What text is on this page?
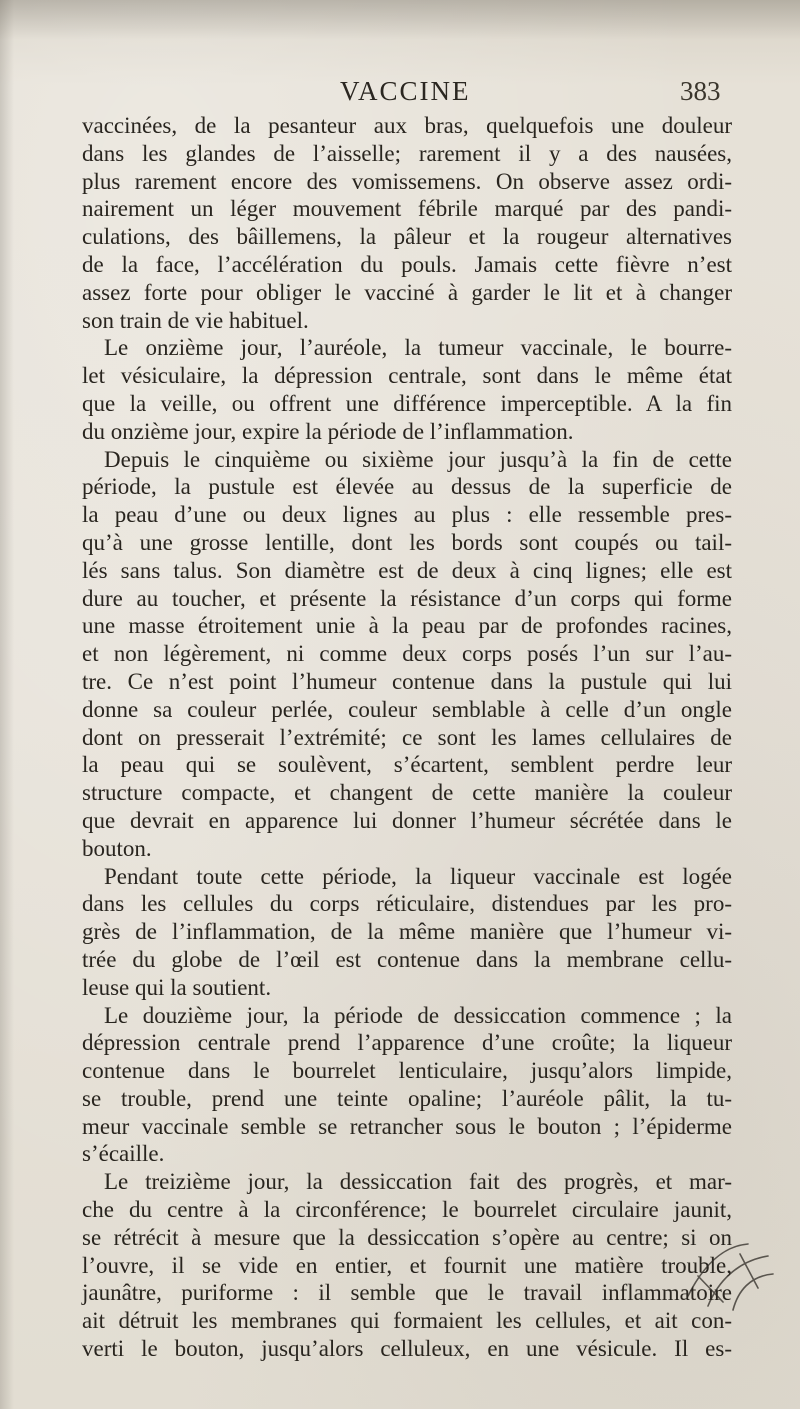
VACCINE	383
vaccinées, de la pesanteur aux bras, quelquefois une douleur
dans les glandes de l’aisselle; rarement il y a des nausées,
plus rarement encore des vomissemens. On observe assez ordi-
nairement un léger mouvement fébrile marqué par des pandi-
culations, des bâillemens, la pâleur et la rougeur alternatives
de la face, l’accélération du pouls. Jamais cette fièvre n’est
assez forte pour obliger le vacciné à garder le lit et à changer
son train de vie habituel.
Le onzième jour, l’auréole, la tumeur vaccinale, le bourre-
let vésiculaire, la dépression centrale, sont dans le même état
que la veille, ou offrent une différence imperceptible. A la fin
du onzième jour, expire la période de l’inflammation.
Depuis le cinquième ou sixième jour jusqu’à la fin de cette
période, la pustule est élevée au dessus de la superficie de
la peau d’une ou deux lignes au plus : elle ressemble pres-
qu’à une grosse lentille, dont les bords sont coupés ou tail-
lés sans talus. Son diamètre est de deux à cinq lignes; elle est
dure au toucher, et présente la résistance d’un corps qui forme
une masse étroitement unie à la peau par de profondes racines,
et non légèrement, ni comme deux corps posés l’un sur l’au-
tre. Ce n’est point l’humeur contenue dans la pustule qui lui
donne sa couleur perlée, couleur semblable à celle d’un ongle
dont on presserait l’extrémité; ce sont les lames cellulaires de
la peau qui se soulèvent, s’écartent, semblent perdre leur
structure compacte, et changent de cette manière la couleur
que devrait en apparence lui donner l’humeur sécrétée dans le
bouton.
Pendant toute cette période, la liqueur vaccinale est logée
dans les cellules du corps réticulaire, distendues par les pro-
grès de l’inflammation, de la même manière que l’humeur vi-
trée du globe de l’œil est contenue dans la membrane cellu-
leuse qui la soutient.
Le douzième jour, la période de dessiccation commence ; la
dépression centrale prend l’apparence d’une croûte; la liqueur
contenue dans le bourrelet lenticulaire, jusqu’alors limpide,
se trouble, prend une teinte opaline; l’auréole pâlit, la tu-
meur vaccinale semble se retrancher sous le bouton ; l’épiderme
s’écaille.
Le treizième jour, la dessiccation fait des progrès, et mar-
che du centre à la circonférence; le bourrelet circulaire jaunit,
se rétrécit à mesure que la dessiccation s’opère au centre; si on
l’ouvre, il se vide en entier, et fournit une matière trouble,
jaunâtre, puriforme : il semble que le travail inflammatoire
ait détruit les membranes qui formaient les cellules, et ait con-
verti le bouton, jusqu’alors celluleux, en une vésicule. Il es-
